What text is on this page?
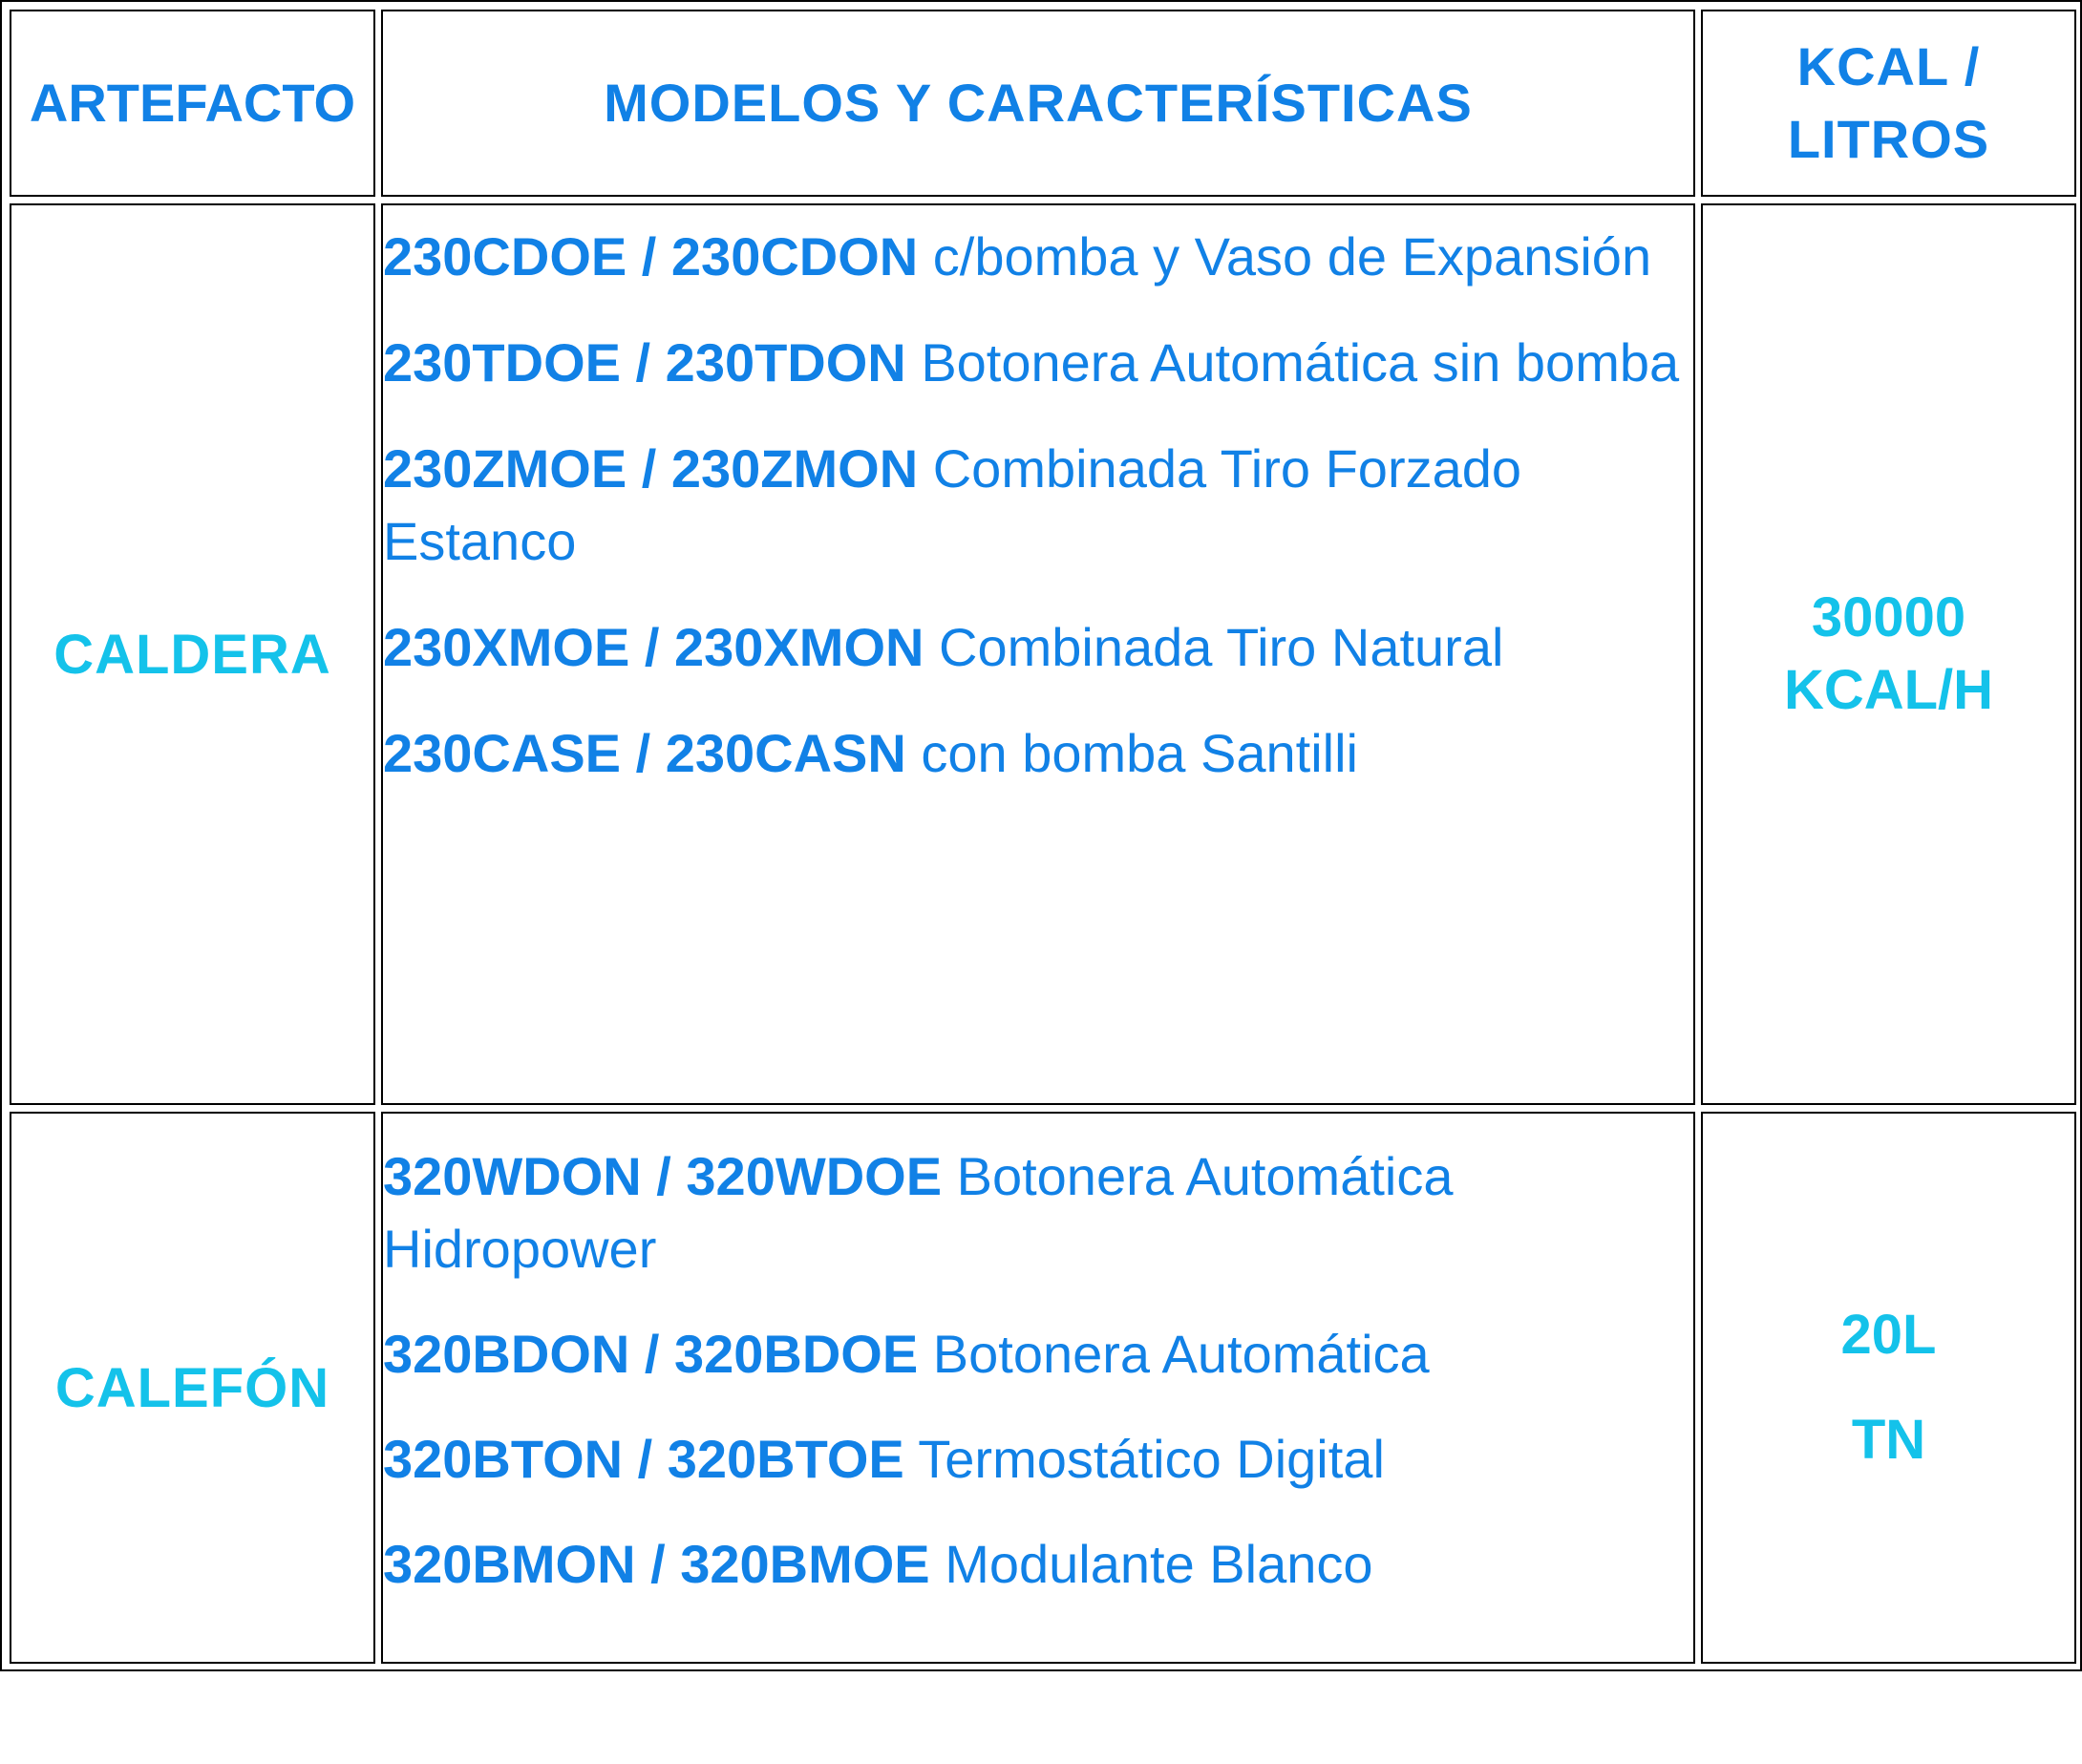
ARTEFACTO	MODELOS Y CARACTERÍSTICAS
KCAL / LITROS
CALDERA
230CDOE / 230CDON c/bomba y Vaso de Expansión
230TDOE / 230TDON Botonera Automática sin bomba
230ZMOE / 230ZMON Combinada Tiro Forzado Estanco
230XMOE / 230XMON Combinada Tiro Natural
230CASE / 230CASN con bomba Santilli
30000
KCAL/H
CALEFÓN
320WDON / 320WDOE Botonera Automática Hidropower
320BDON / 320BDOE Botonera Automática
320BTON / 320BTOE Termostático Digital
320BMON / 320BMOE Modulante Blanco
20L
TN
